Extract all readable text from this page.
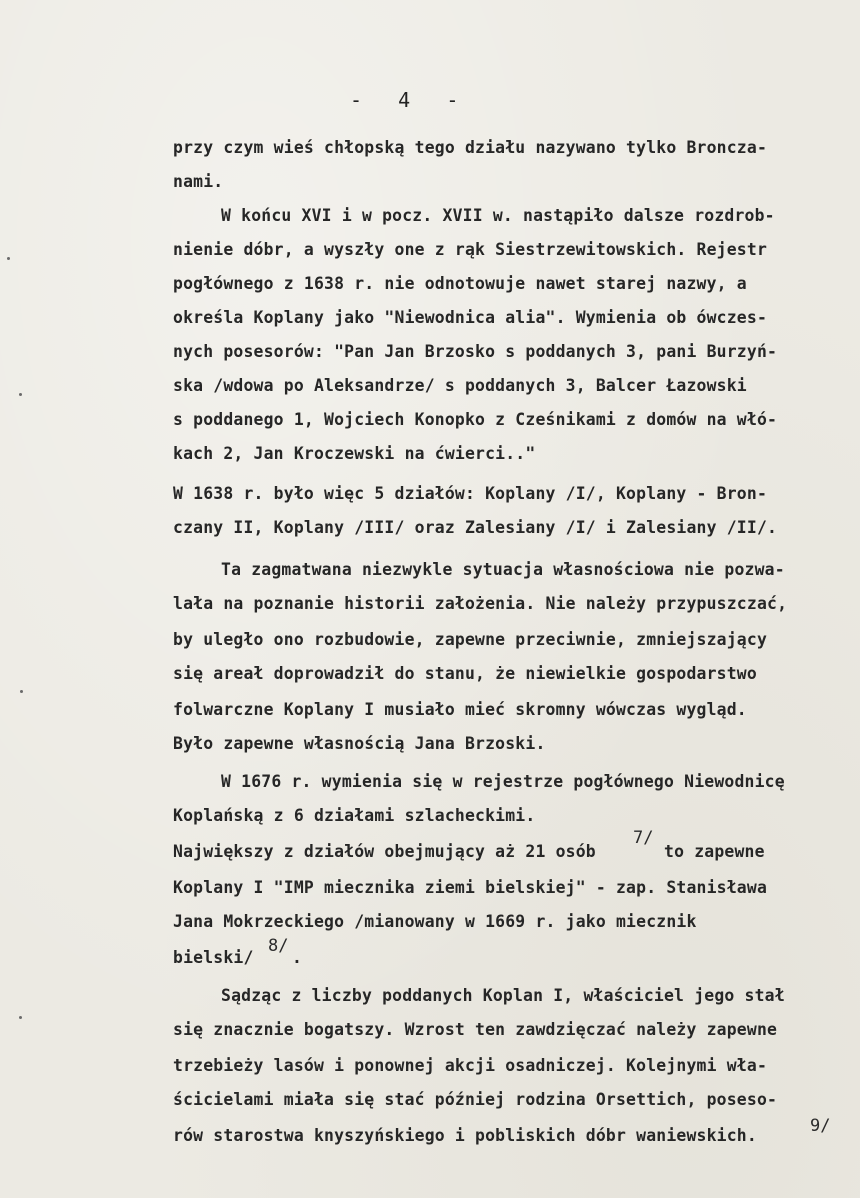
-   4   -
przy czym wieś chłopską tego działu nazywano tylko Broncza-
nami.
W końcu XVI i w pocz. XVII w. nastąpiło dalsze rozdrob-
nienie dóbr, a wyszły one z rąk Siestrzewitowskich. Rejestr
pogłównego z 1638 r. nie odnotowuje nawet starej nazwy, a
określa Koplany jako "Niewodnica alia". Wymienia ob ówczes-
nych posesorów: "Pan Jan Brzosko s poddanych 3, pani Burzyń-
ska /wdowa po Aleksandrze/ s poddanych 3, Balcer Łazowski
s poddanego 1, Wojciech Konopko z Cześnikami z domów na włó-
kach 2, Jan Kroczewski na ćwierci.."
W 1638 r. było więc 5 działów: Koplany /I/, Koplany - Bron-
czany II, Koplany /III/ oraz Zalesiany /I/ i Zalesiany /II/.
Ta zagmatwana niezwykle sytuacja własnościowa nie pozwa-
lała na poznanie historii założenia. Nie należy przypuszczać,
by uległo ono rozbudowie, zapewne przeciwnie, zmniejszający
się areał doprowadził do stanu, że niewielkie gospodarstwo
folwarczne Koplany I musiało mieć skromny wówczas wygląd.
Było zapewne własnością Jana Brzoski.
W 1676 r. wymienia się w rejestrze pogłównego Niewodnicę
Koplańską z 6 działami szlacheckimi.
Największy z działów obejmujący aż 21 osób
7/
to zapewne
Koplany I "IMP miecznika ziemi bielskiej" - zap. Stanisława
Jana Mokrzeckiego /mianowany w 1669 r. jako miecznik
bielski/
8/
.
Sądząc z liczby poddanych Koplan I, właściciel jego stał
się znacznie bogatszy. Wzrost ten zawdzięczać należy zapewne
trzebieży lasów i ponownej akcji osadniczej. Kolejnymi wła-
ścicielami miała się stać później rodzina Orsettich, poseso-
rów starostwa knyszyńskiego i pobliskich dóbr waniewskich.	9/
